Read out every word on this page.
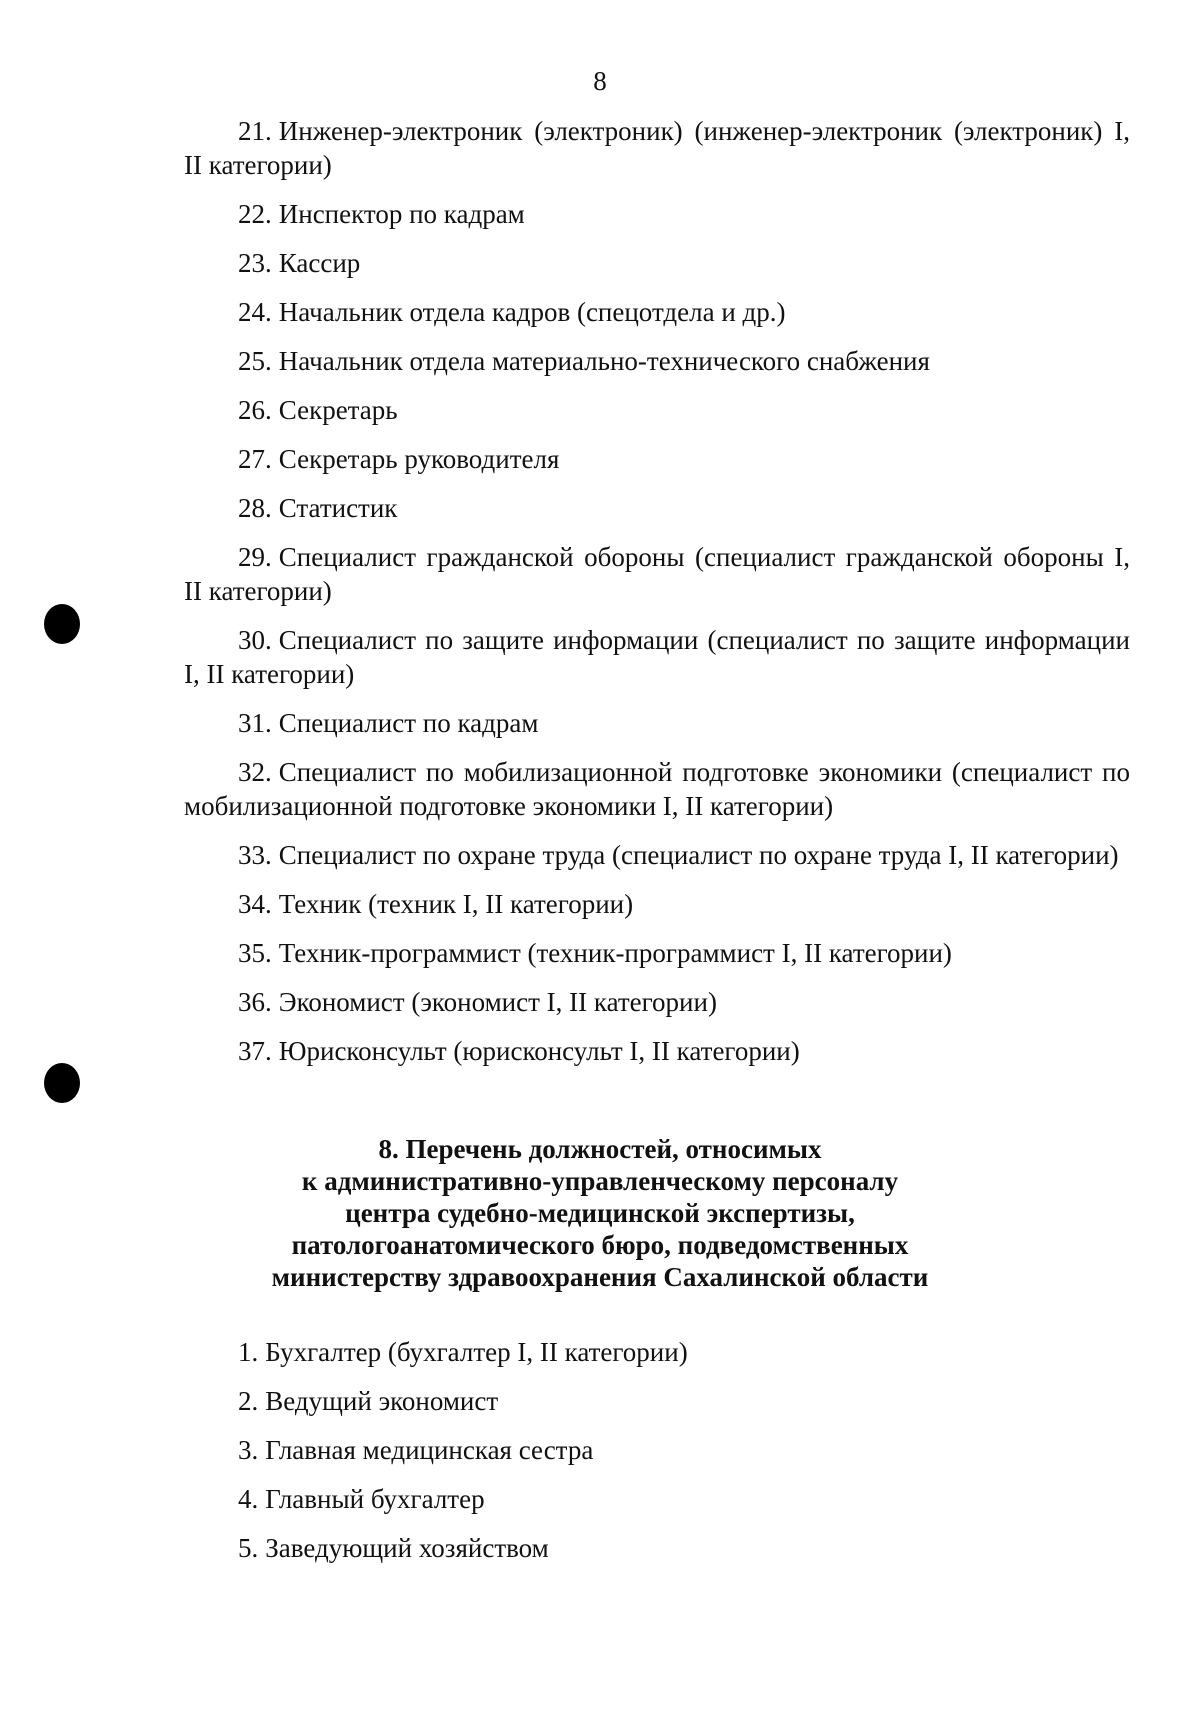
8

21. Инженер-электроник (электроник) (инженер-электроник (электроник) I, II категории)

22. Инспектор по кадрам

23. Кассир

24. Начальник отдела кадров (спецотдела и др.)

25. Начальник отдела материально-технического снабжения

26. Секретарь

27. Секретарь руководителя

28. Статистик

29. Специалист гражданской обороны (специалист гражданской обороны I, II категории)

30. Специалист по защите информации (специалист по защите информации I, II категории)

31. Специалист по кадрам

32. Специалист по мобилизационной подготовке экономики (специалист по мобилизационной подготовке экономики I, II категории)

33. Специалист по охране труда (специалист по охране труда I, II категории)

34. Техник (техник I, II категории)

35. Техник-программист (техник-программист I, II категории)

36. Экономист (экономист I, II категории)

37. Юрисконсульт (юрисконсульт I, II категории)

8. Перечень должностей, относимых
к административно-управленческому персоналу
центра судебно-медицинской экспертизы,
патологоанатомического бюро, подведомственных
министерству здравоохранения Сахалинской области

1. Бухгалтер (бухгалтер I, II категории)

2. Ведущий экономист

3. Главная медицинская сестра

4. Главный бухгалтер

5. Заведующий хозяйством
